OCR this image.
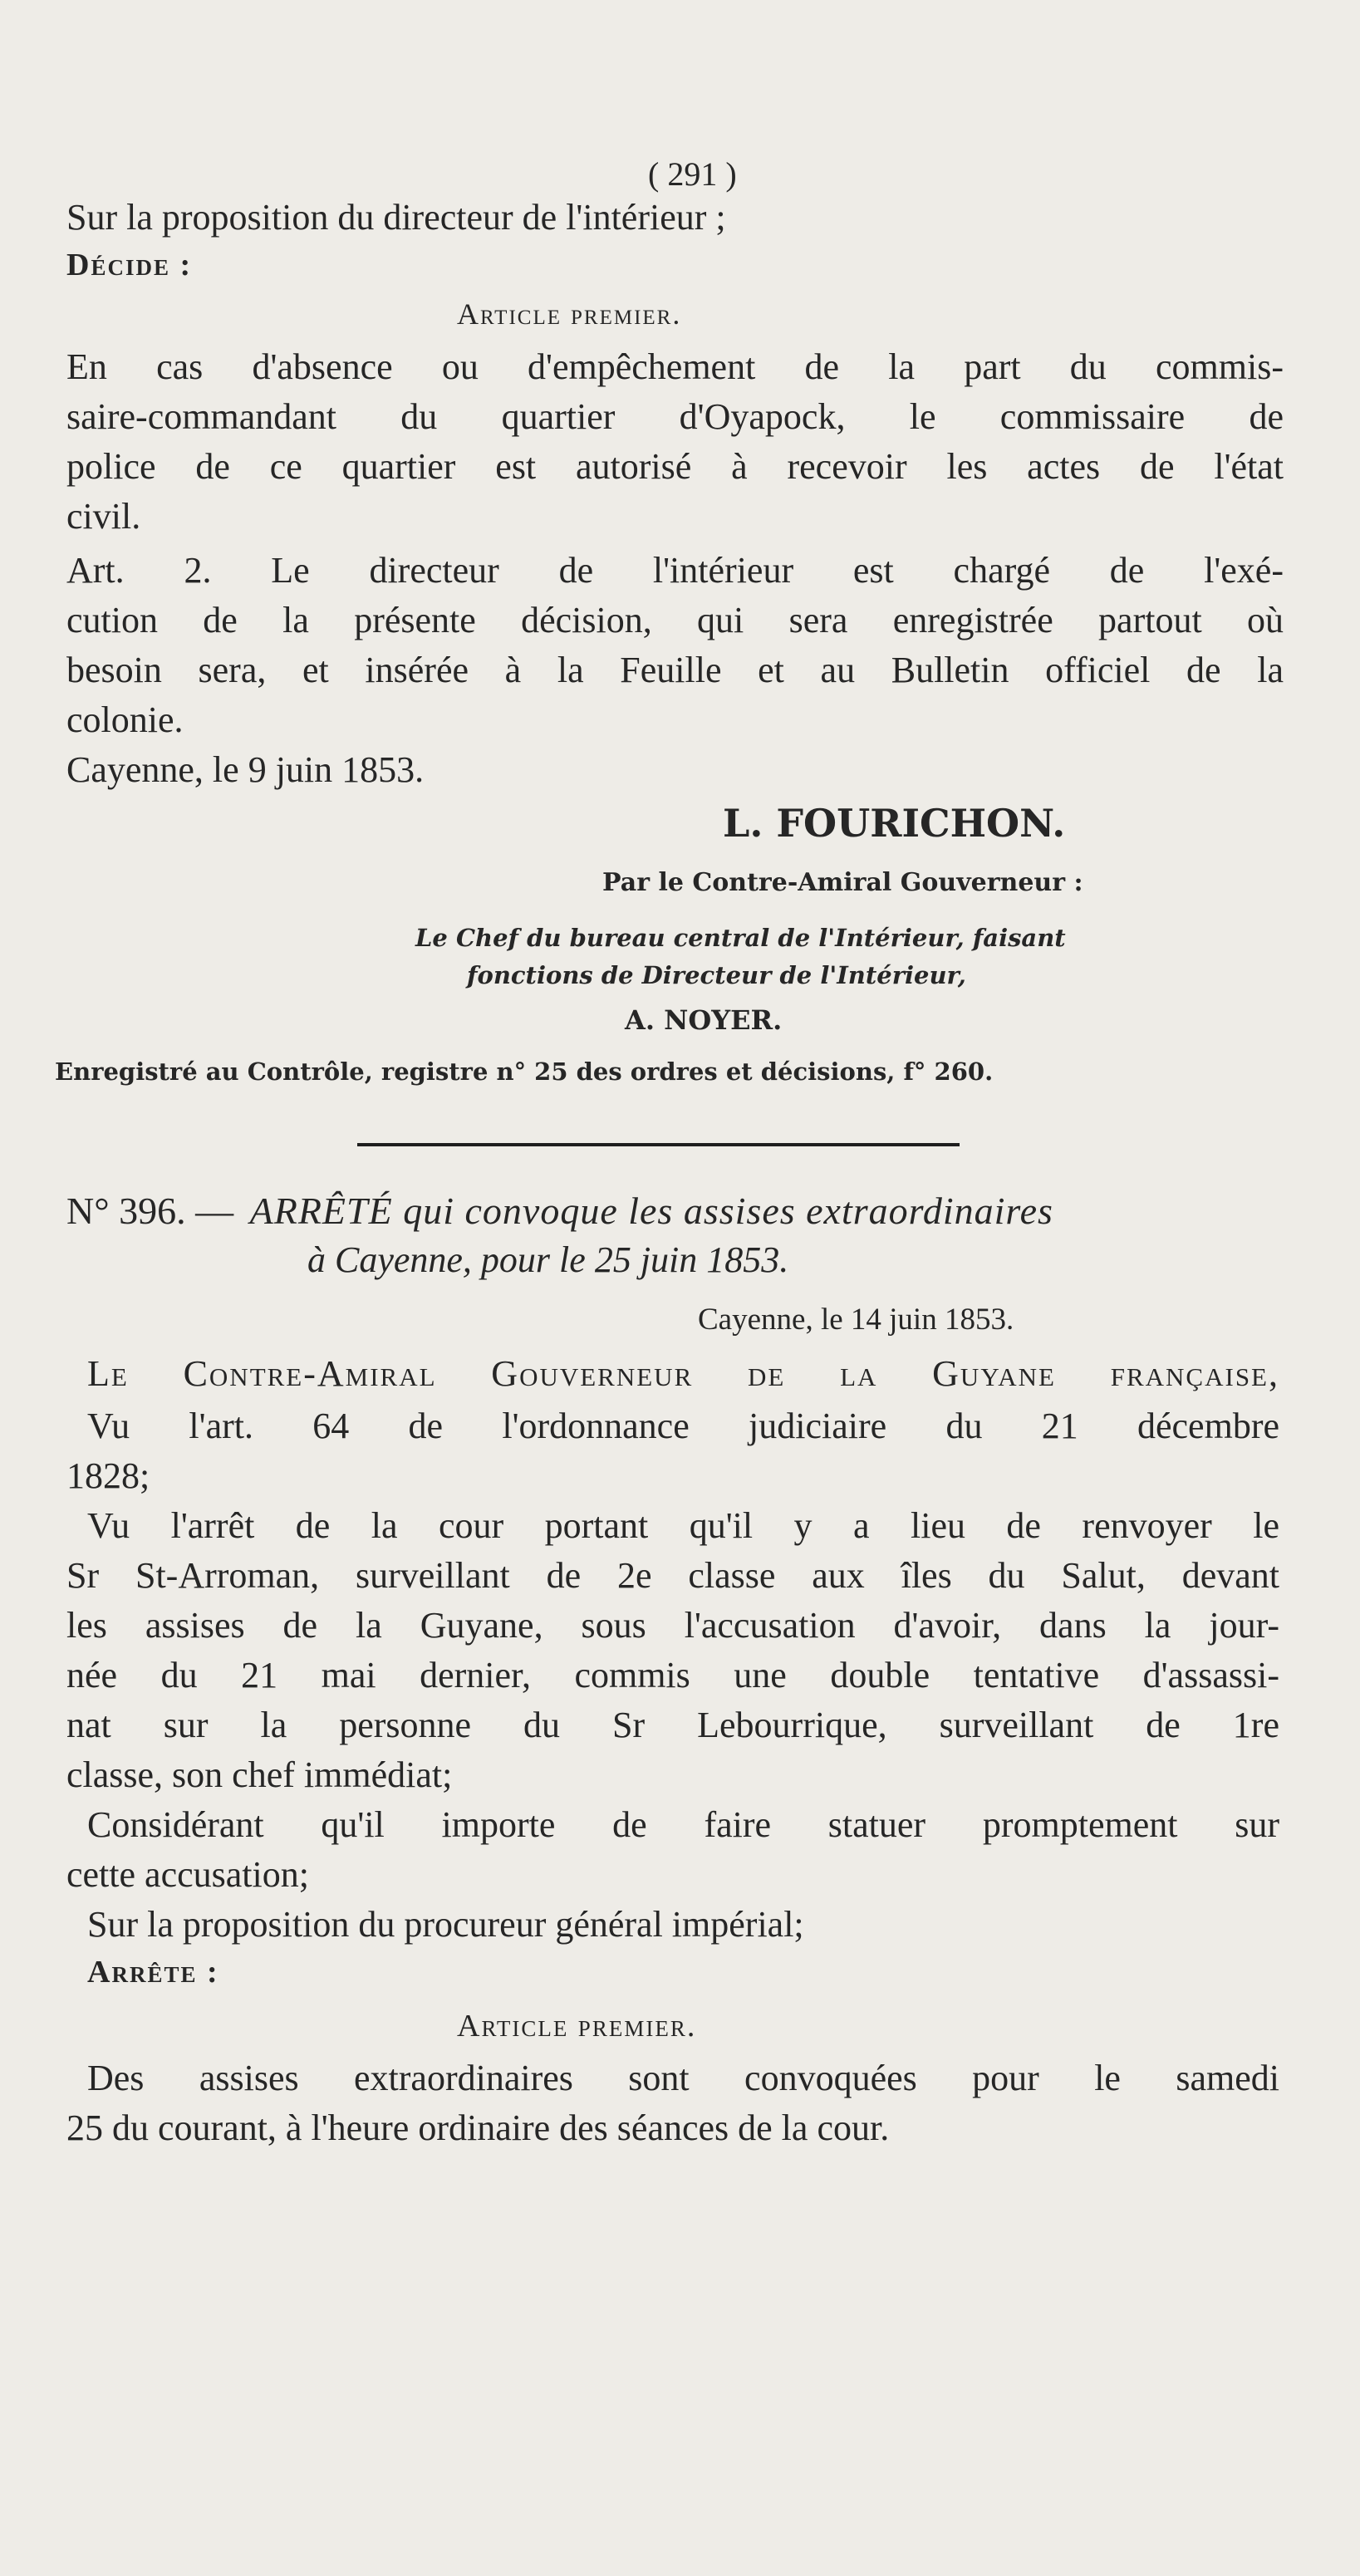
( 291 )
Sur la proposition du directeur de l'intérieur ;
Décide :
Article premier.
En cas d'absence ou d'empêchement de la part du commis-
saire-commandant du quartier d'Oyapock, le commissaire de
police de ce quartier est autorisé à recevoir les actes de l'état
civil.
Art. 2. Le directeur de l'intérieur est chargé de l'exé-
cution de la présente décision, qui sera enregistrée partout où
besoin sera, et insérée à la Feuille et au Bulletin officiel de la
colonie.
Cayenne, le 9 juin 1853.
L. FOURICHON.
Par le Contre-Amiral Gouverneur :
Le Chef du bureau central de l'Intérieur, faisant
fonctions de Directeur de l'Intérieur,
A. NOYER.
Enregistré au Contrôle, registre n° 25 des ordres et décisions, f° 260.
N° 396. — ARRÊTÉ qui convoque les assises extraordinaires
à Cayenne, pour le 25 juin 1853.
Cayenne, le 14 juin 1853.
Le Contre-Amiral Gouverneur de la Guyane française,
Vu l'art. 64 de l'ordonnance judiciaire du 21 décembre
1828;
Vu l'arrêt de la cour portant qu'il y a lieu de renvoyer le
Sr St-Arroman, surveillant de 2e classe aux îles du Salut, devant
les assises de la Guyane, sous l'accusation d'avoir, dans la jour-
née du 21 mai dernier, commis une double tentative d'assassi-
nat sur la personne du Sr Lebourrique, surveillant de 1re
classe, son chef immédiat;
Considérant qu'il importe de faire statuer promptement sur
cette accusation;
Sur la proposition du procureur général impérial;
Arrête :
Article premier.
Des assises extraordinaires sont convoquées pour le samedi
25 du courant, à l'heure ordinaire des séances de la cour.
